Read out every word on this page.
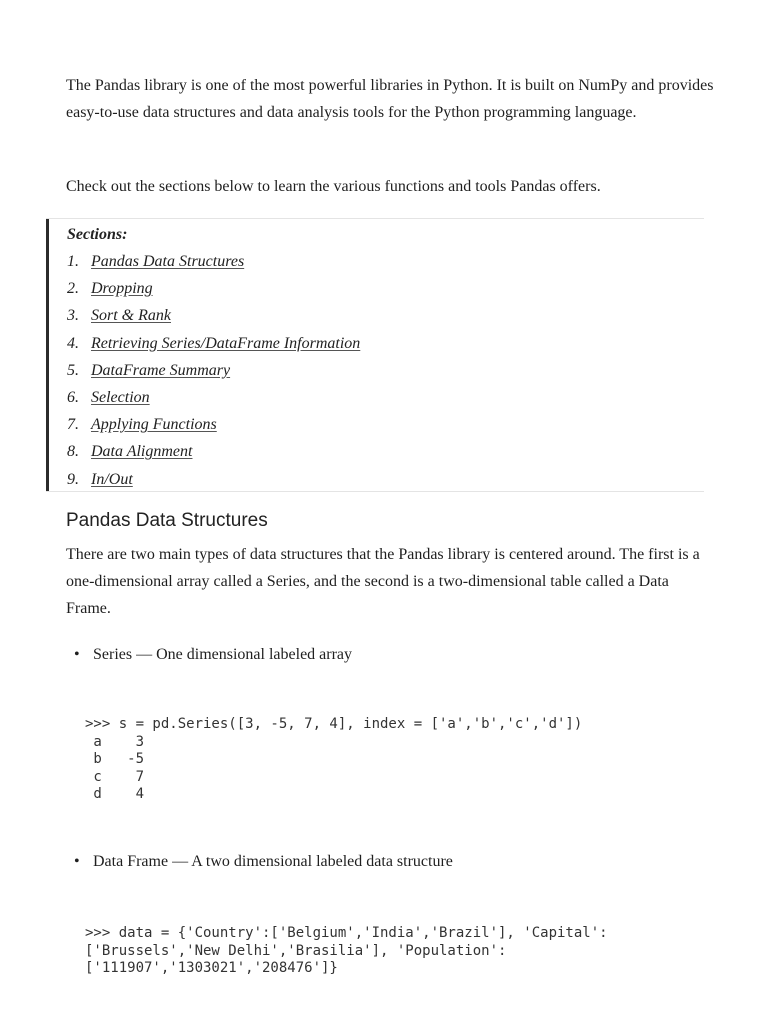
The Pandas library is one of the most powerful libraries in Python. It is built on NumPy and provides easy-to-use data structures and data analysis tools for the Python programming language.

Check out the sections below to learn the various functions and tools Pandas offers.

Sections:
1. Pandas Data Structures
2. Dropping
3. Sort & Rank
4. Retrieving Series/DataFrame Information
5. DataFrame Summary
6. Selection
7. Applying Functions
8. Data Alignment
9. In/Out
Pandas Data Structures

There are two main types of data structures that the Pandas library is centered around. The first is a one-dimensional array called a Series, and the second is a two-dimensional table called a Data Frame.

• Series — One dimensional labeled array
>>> s = pd.Series([3, -5, 7, 4], index = ['a','b','c','d'])
a    3
b   -5
c    7
d    4
• Data Frame — A two dimensional labeled data structure
>>> data = {'Country':['Belgium','India','Brazil'], 'Capital':
['Brussels','New Delhi','Brasilia'], 'Population':
['111907','1303021','208476']}
